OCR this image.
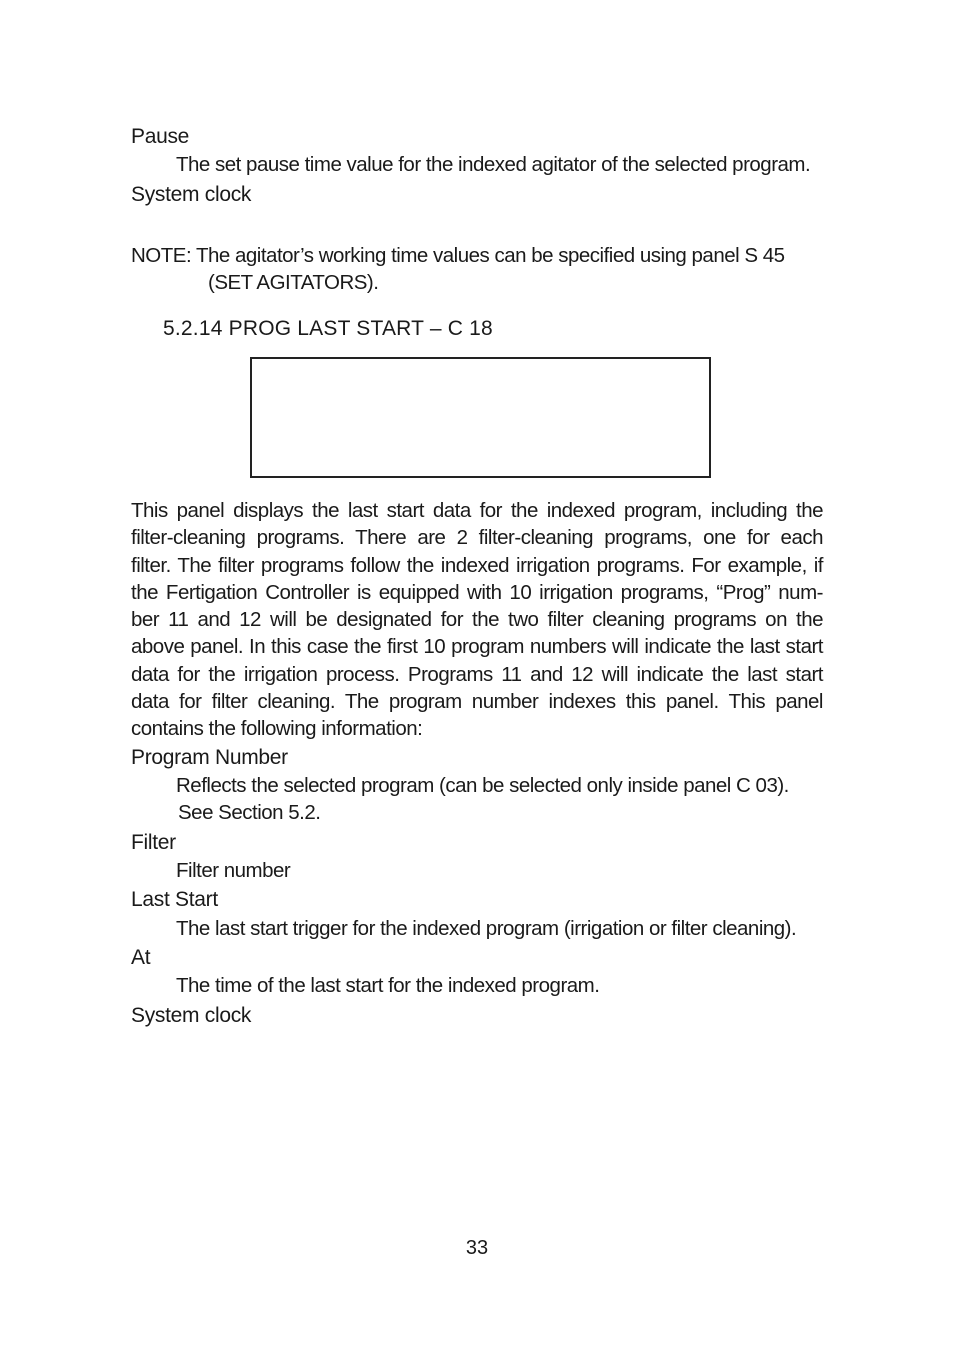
Pause
The set pause time value for the indexed agitator of the selected program.
System clock
NOTE: The agitator’s working time values can be specified using panel S 45
(SET AGITATORS).
5.2.14 PROG LAST START – C 18
This panel displays the last start data for the indexed program, including the
filter-cleaning programs. There are 2 filter-cleaning programs, one for each
filter. The filter programs follow the indexed irrigation programs. For example, if
the Fertigation Controller is equipped with 10 irrigation programs, “Prog” num-
ber 11 and 12 will be designated for the two filter cleaning programs on the
above panel. In this case the first 10 program numbers will indicate the last start
data for the irrigation process. Programs 11 and 12 will indicate the last start
data for filter cleaning. The program number indexes this panel. This panel
contains the following information:
Program Number
Reflects the selected program (can be selected only inside panel C 03).
See Section 5.2.
Filter
Filter number
Last Start
The last start trigger for the indexed program (irrigation or filter cleaning).
At
The time of the last start for the indexed program.
System clock
33
